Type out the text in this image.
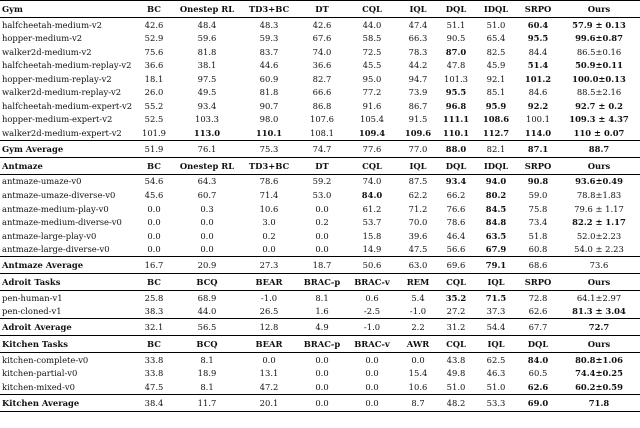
Gym	BC	Onestep RL	TD3+BC	DT	CQL	IQL	DQL	IDQL	SRPO	Ours
halfcheetah-medium-v2	42.6	48.4	48.3	42.6	44.0	47.4	51.1	51.0	60.4	57.9 ± 0.13
hopper-medium-v2	52.9	59.6	59.3	67.6	58.5	66.3	90.5	65.4	95.5	99.6±0.87
walker2d-medium-v2	75.6	81.8	83.7	74.0	72.5	78.3	87.0	82.5	84.4	86.5±0.16
halfcheetah-medium-replay-v2	36.6	38.1	44.6	36.6	45.5	44.2	47.8	45.9	51.4	50.9±0.11
hopper-medium-replay-v2	18.1	97.5	60.9	82.7	95.0	94.7	101.3	92.1	101.2	100.0±0.13
walker2d-medium-replay-v2	26.0	49.5	81.8	66.6	77.2	73.9	95.5	85.1	84.6	88.5±2.16
halfcheetah-medium-expert-v2	55.2	93.4	90.7	86.8	91.6	86.7	96.8	95.9	92.2	92.7 ± 0.2
hopper-medium-expert-v2	52.5	103.3	98.0	107.6	105.4	91.5	111.1	108.6	100.1	109.3 ± 4.37
walker2d-medium-expert-v2	101.9	113.0	110.1	108.1	109.4	109.6	110.1	112.7	114.0	110 ± 0.07
Gym Average	51.9	76.1	75.3	74.7	77.6	77.0	88.0	82.1	87.1	88.7
Antmaze	BC	Onestep RL	TD3+BC	DT	CQL	IQL	DQL	IDQL	SRPO	Ours
antmaze-umaze-v0	54.6	64.3	78.6	59.2	74.0	87.5	93.4	94.0	90.8	93.6±0.49
antmaze-umaze-diverse-v0	45.6	60.7	71.4	53.0	84.0	62.2	66.2	80.2	59.0	78.8±1.83
antmaze-medium-play-v0	0.0	0.3	10.6	0.0	61.2	71.2	76.6	84.5	75.8	79.6 ± 1.17
antmaze-medium-diverse-v0	0.0	0.0	3.0	0.2	53.7	70.0	78.6	84.8	73.4	82.2 ± 1.17
antmaze-large-play-v0	0.0	0.0	0.2	0.0	15.8	39.6	46.4	63.5	51.8	52.0±2.23
antmaze-large-diverse-v0	0.0	0.0	0.0	0.0	14.9	47.5	56.6	67.9	60.8	54.0 ± 2.23
Antmaze Average	16.7	20.9	27.3	18.7	50.6	63.0	69.6	79.1	68.6	73.6
Adroit Tasks	BC	BCQ	BEAR	BRAC-p	BRAC-v	REM	CQL	IQL	SRPO	Ours
pen-human-v1	25.8	68.9	-1.0	8.1	0.6	5.4	35.2	71.5	72.8	64.1±2.97
pen-cloned-v1	38.3	44.0	26.5	1.6	-2.5	-1.0	27.2	37.3	62.6	81.3 ± 3.04
Adroit Average	32.1	56.5	12.8	4.9	-1.0	2.2	31.2	54.4	67.7	72.7
Kitchen Tasks	BC	BCQ	BEAR	BRAC-p	BRAC-v	AWR	CQL	IQL	DQL	Ours
kitchen-complete-v0	33.8	8.1	0.0	0.0	0.0	0.0	43.8	62.5	84.0	80.8±1.06
kitchen-partial-v0	33.8	18.9	13.1	0.0	0.0	15.4	49.8	46.3	60.5	74.4±0.25
kitchen-mixed-v0	47.5	8.1	47.2	0.0	0.0	10.6	51.0	51.0	62.6	60.2±0.59
Kitchen Average	38.4	11.7	20.1	0.0	0.0	8.7	48.2	53.3	69.0	71.8
